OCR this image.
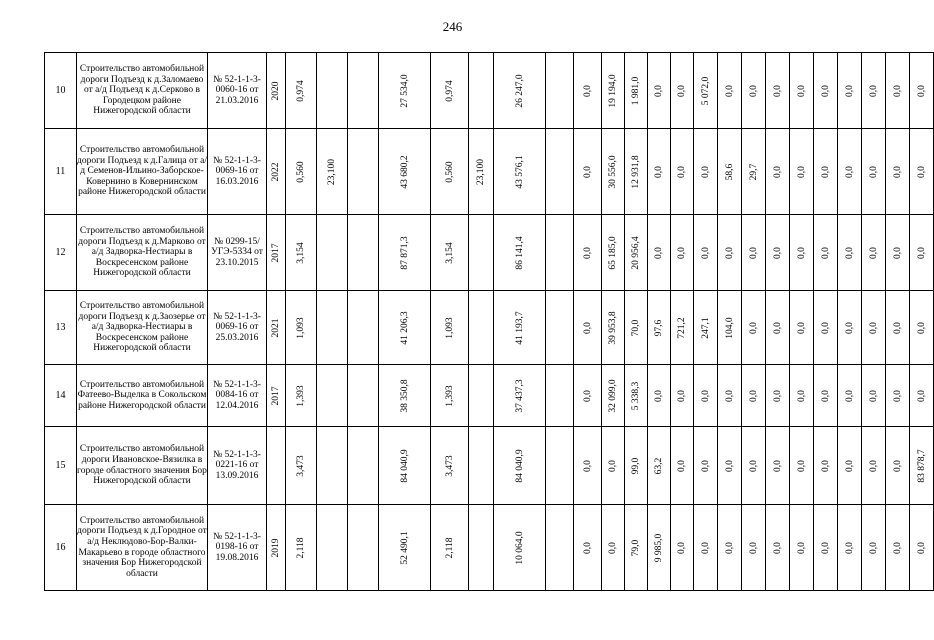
246
10	Строительство автомобильной дороги Подъезд к д.Заломаево от а/д Подъезд к д.Серково в Городецком районе Нижегородской области	№ 52-1-1-3-0060-16 от 21.03.2016	2020	0,974			27 534,0	0,974		26 247,0		0,0	19 194,0	1 981,0	0,0	0,0	5 072,0	0,0	0,0	0,0	0,0	0,0	0,0	0,0	0,0	0,0

11	Строительство автомобильной дороги Подъезд к д.Галица от а/д Семенов-Ильино-Заборское-Ковернино в Ковернинском районе Нижегородской области	№ 52-1-1-3-0069-16 от 16.03.2016	2022	0,560	23,100		43 680,2	0,560	23,100	43 576,1		0,0	30 556,0	12 931,8	0,0	0,0	0,0	58,6	29,7	0,0	0,0	0,0	0,0	0,0	0,0	0,0

12	Строительство автомобильной дороги Подъезд к д.Марково от а/д Задворка-Нестиары в Воскресенском районе Нижегородской области	№ 0299-15/УГЭ-5334 от 23.10.2015	2017	3,154			87 871,3	3,154		86 141,4		0,0	65 185,0	20 956,4	0,0	0,0	0,0	0,0	0,0	0,0	0,0	0,0	0,0	0,0	0,0	0,0

13	Строительство автомобильной дороги Подъезд к д.Заозерье от а/д Задворка-Нестиары в Воскресенском районе Нижегородской области	№ 52-1-1-3-0069-16 от 25.03.2016	2021	1,093			41 206,3	1,093		41 193,7		0,0	39 953,8	70,0	97,6	721,2	247,1	104,0	0,0	0,0	0,0	0,0	0,0	0,0	0,0	0,0

14	Строительство автомобильной Фатеево-Выделка в Сокольском районе Нижегородской области	№ 52-1-1-3-0084-16 от 12.04.2016	2017	1,393			38 350,8	1,393		37 437,3		0,0	32 099,0	5 338,3	0,0	0,0	0,0	0,0	0,0	0,0	0,0	0,0	0,0	0,0	0,0	0,0

15	Строительство автомобильной дороги Ивановское-Вязилка в городе областного значения Бор Нижегородской области	№ 52-1-1-3-0221-16 от 13.09.2016		3,473			84 040,9	3,473		84 040,9		0,0	0,0	99,0	63,2	0,0	0,0	0,0	0,0	0,0	0,0	0,0	0,0	0,0	0,0	83 878,7

16	Строительство автомобильной дороги Подъезд к д.Городное от а/д Неклюдово-Бор-Валки-Макарьево в городе областного значения Бор Нижегородской области	№ 52-1-1-3-0198-16 от 19.08.2016	2019	2,118			52 490,1	2,118		10 064,0		0,0	0,0	79,0	9 985,0	0,0	0,0	0,0	0,0	0,0	0,0	0,0	0,0	0,0	0,0	0,0
